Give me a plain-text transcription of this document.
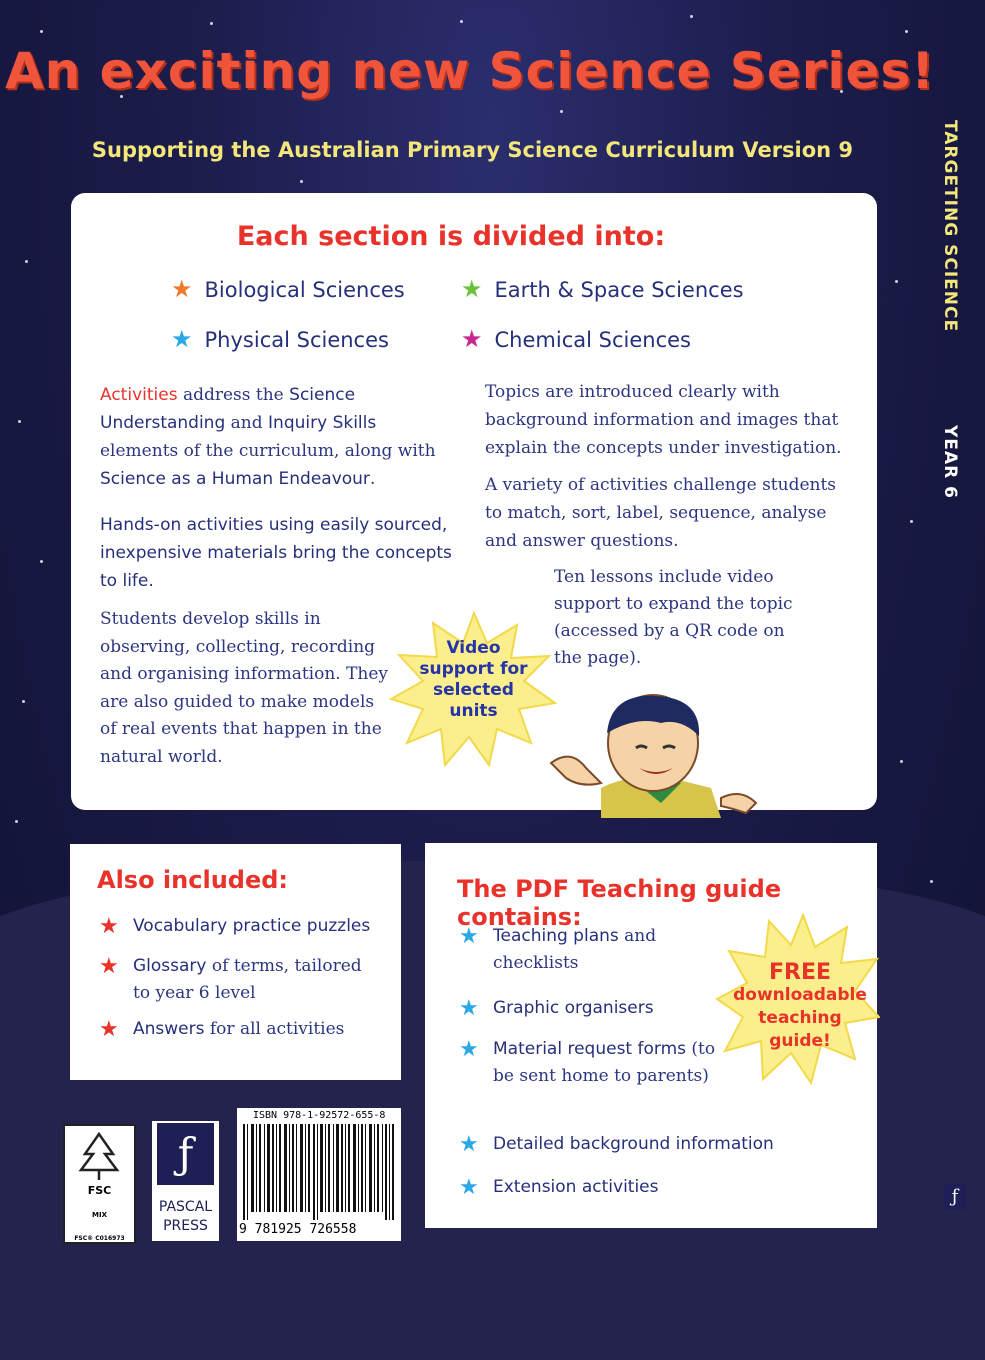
An exciting new Science Series!
Supporting the Australian Primary Science Curriculum Version 9	TARGETING SCIENCE
YEAR 6
ƒ
Each section is divided into:
★ Biological Sciences ★ Earth & Space Sciences
★ Physical Sciences	★ Chemical Sciences

Activities address the Science Understanding and Inquiry Skills elements of the curriculum, along with Science as a Human Endeavour.

Hands-on activities using easily sourced, inexpensive materials bring the concepts to life.

Students develop skills in observing, collecting, recording and organising information. They are also guided to make models of real events that happen in the natural world.

Topics are introduced clearly with background information and images that explain the concepts under investigation.

A variety of activities challenge students to match, sort, label, sequence, analyse and answer questions.

Ten lessons include video support to expand the topic (accessed by a QR code on the page).

Video
support for
selected
units
Also included:
★ Vocabulary practice puzzles
★ Glossary of terms, tailored to year 6 level
★ Answers for all activities
The PDF Teaching guide contains:
★ Teaching plans and checklists
★ Graphic organisers
★ Material request forms (to be sent home to parents)
★ Detailed background information
★ Extension activities
FREE
downloadable
teaching
guide!
FSC
MIX
FSC® C016973
ƒ
PASCAL
PRESS
ISBN 978-1-92572-655-8
9 781925 726558
